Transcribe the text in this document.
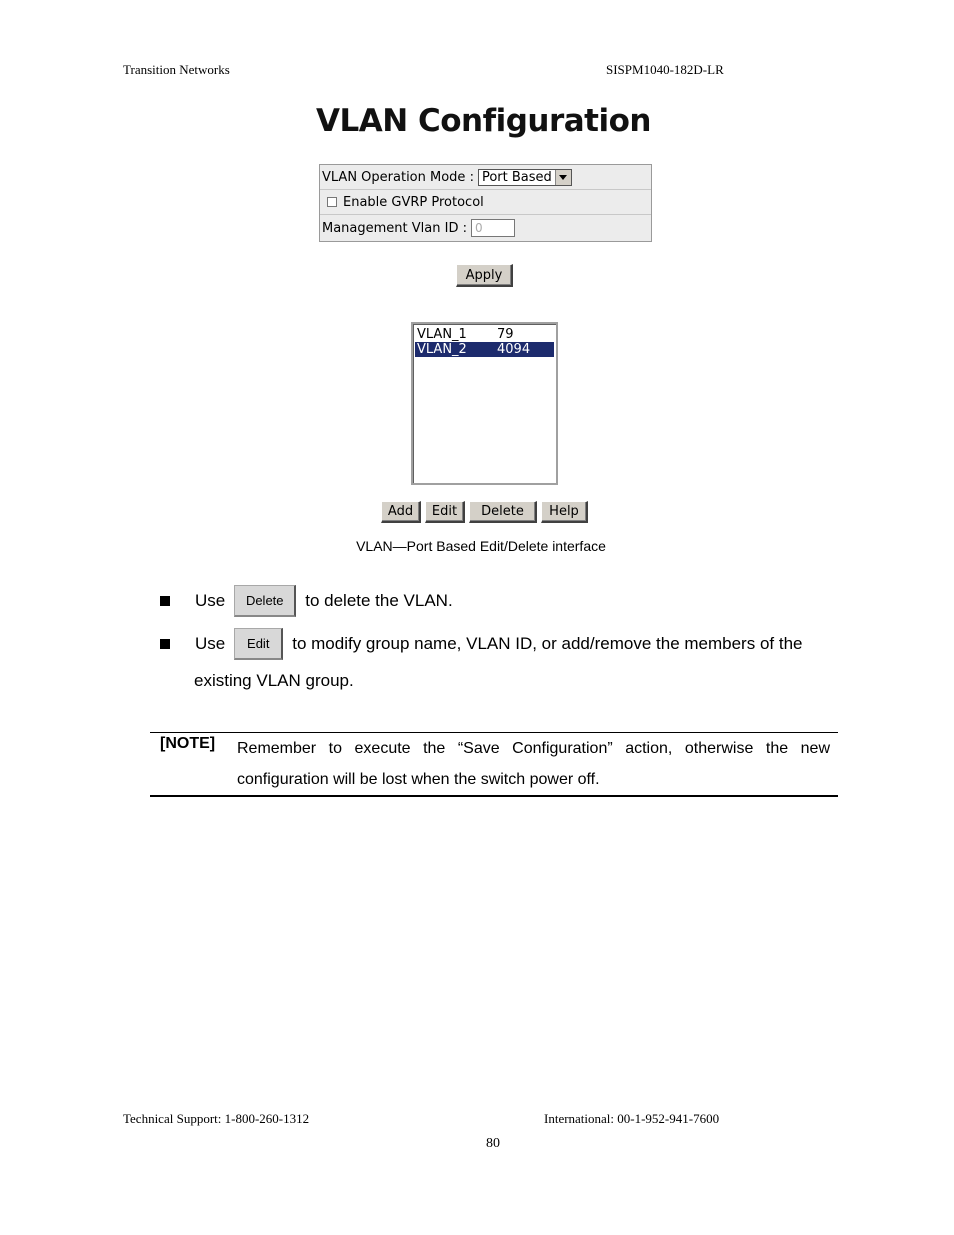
Transition Networks	SISPM1040-182D-LR
VLAN Configuration
VLAN Operation Mode : Port Based
Enable GVRP Protocol
Management Vlan ID : 0
Apply
VLAN_1	79
VLAN_2	4094
Add	Edit	Delete	Help
VLAN—Port Based Edit/Delete interface
Use	Delete	to delete the VLAN.
Use	Edit	to modify group name, VLAN ID, or add/remove the members of the
existing VLAN group.
[NOTE] Remember to execute the “Save Configuration” action, otherwise the new configuration will be lost when the switch power off.
Technical Support: 1-800-260-1312	International: 00-1-952-941-7600
80
